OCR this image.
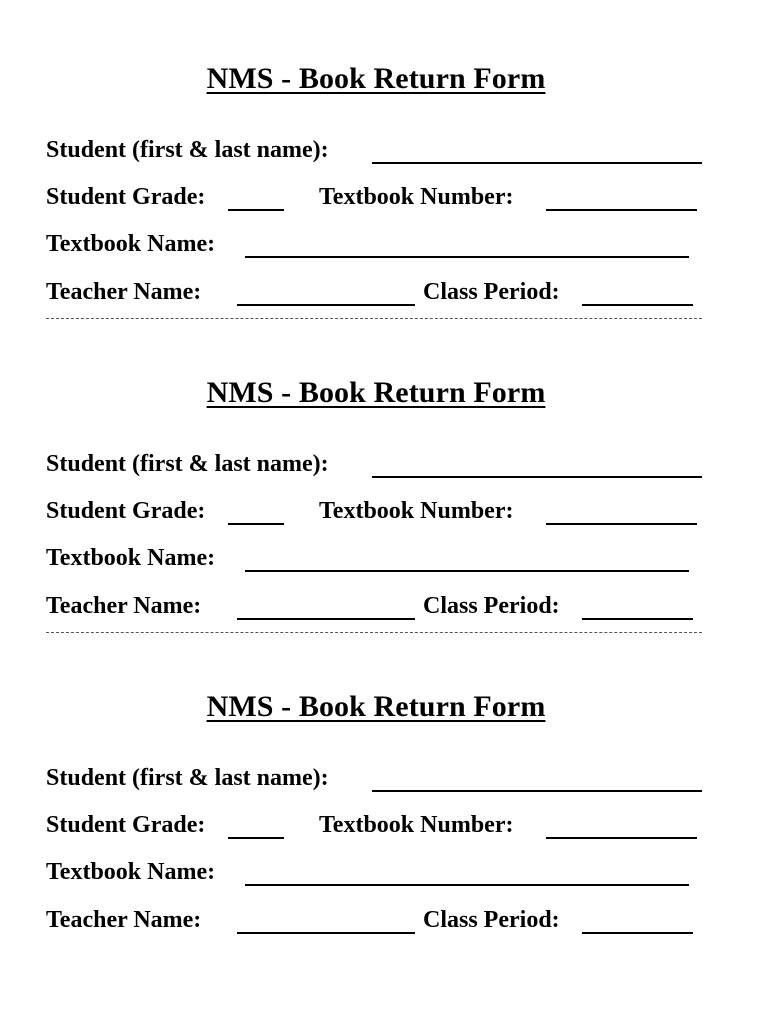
NMS - Book Return Form
Student (first & last name):
Student Grade:	Textbook Number:
Textbook Name:
Teacher Name:	Class Period:
NMS - Book Return Form
Student (first & last name):
Student Grade:	Textbook Number:
Textbook Name:
Teacher Name:	Class Period:
NMS - Book Return Form
Student (first & last name):
Student Grade:	Textbook Number:
Textbook Name:
Teacher Name:	Class Period:
